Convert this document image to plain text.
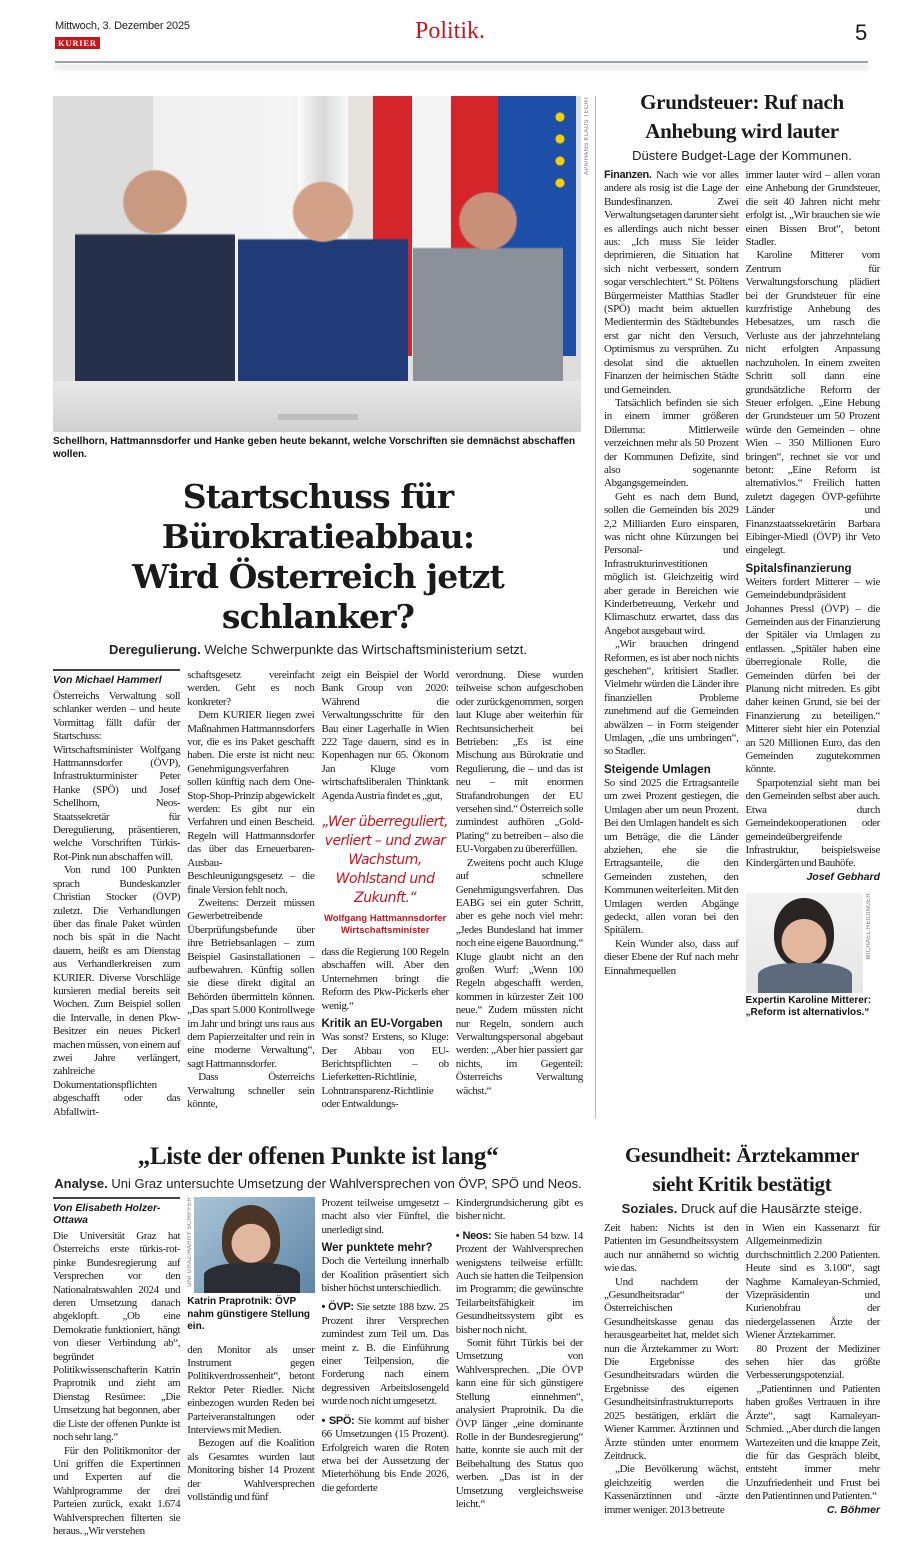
Mittwoch, 3. Dezember 2025
KURIER	Politik.	5
APA/HANS KLAUS TECHT
Schellhorn, Hattmannsdorfer und Hanke geben heute bekannt, welche Vorschriften sie demnächst abschaffen wollen.
Startschuss für Bürokratieabbau:
Wird Österreich jetzt schlanker?
Deregulierung. Welche Schwerpunkte das Wirtschaftsministerium setzt.
Von Michael Hammerl
Österreichs Verwaltung soll schlanker werden – und heute Vormittag fällt dafür der Startschuss: Wirtschaftsminister Wolfgang Hattmannsdorfer (ÖVP), Infrastrukturminister Peter Hanke (SPÖ) und Josef Schellhorn, Neos-Staatssekretär für Deregulierung, präsentieren, welche Vorschriften Türkis-Rot-Pink nun abschaffen will.
Von rund 100 Punkten sprach Bundeskanzler Christian Stocker (ÖVP) zuletzt. Die Verhandlungen über das finale Paket würden noch bis spät in die Nacht dauern, heißt es am Dienstag aus Verhandlerkreisen zum KURIER. Diverse Vorschläge kursieren medial bereits seit Wochen. Zum Beispiel sollen die Intervalle, in denen Pkw-Besitzer ein neues Pickerl machen müssen, von einem auf zwei Jahre verlängert, zahlreiche Dokumentationspflichten abgeschafft oder das Abfallwirt-
schaftsgesetz vereinfacht werden. Geht es noch konkreter?
Dem KURIER liegen zwei Maßnahmen Hattmannsdorfers vor, die es ins Paket geschafft haben. Die erste ist nicht neu: Genehmigungsverfahren sollen künftig nach dem One-Stop-Shop-Prinzip abgewickelt werden: Es gibt nur ein Verfahren und einen Bescheid. Regeln will Hattmannsdorfer das über das Erneuerbaren-Ausbau-Beschleunigungsgesetz – die finale Version fehlt noch.
Zweitens: Derzeit müssen Gewerbetreibende Überprüfungsbefunde über ihre Betriebsanlagen – zum Beispiel Gasinstallationen – aufbewahren. Künftig sollen sie diese direkt digital an Behörden übermitteln können. „Das spart 5.000 Kontrollwege im Jahr und bringt uns raus aus dem Papierzeitalter und rein in eine moderne Verwaltung“, sagt Hattmannsdorfer.
Dass Österreichs Verwaltung schneller sein könnte,
zeigt ein Beispiel der World Bank Group von 2020: Während die Verwaltungsschritte für den Bau einer Lagerhalle in Wien 222 Tage dauern, sind es in Kopenhagen nur 65. Ökonom Jan Kluge vom wirtschaftsliberalen Thinktank Agenda Austria findet es „gut,
„Wer überreguliert, verliert – und zwar Wachstum, Wohlstand und Zukunft.“
Wolfgang Hattmannsdorfer
Wirtschaftsminister
dass die Regierung 100 Regeln abschaffen will. Aber den Unternehmen bringt die Reform des Pkw-Pickerls eher wenig.“
Kritik an EU-Vorgaben
Was sonst? Erstens, so Kluge: Der Abbau von EU-Berichtspflichten – ob Lieferketten-Richtlinie, Lohntransparenz-Richtlinie oder Entwaldungs-
verordnung. Diese wurden teilweise schon aufgeschoben oder zurückgenommen, sorgen laut Kluge aber weiterhin für Rechtsunsicherheit bei Betrieben: „Es ist eine Mischung aus Bürokratie und Regulierung, die – und das ist neu – mit enormen Strafandrohungen der EU versehen sind.“ Österreich solle zumindest aufhören „Gold-Plating“ zu betreiben – also die EU-Vorgaben zu übererfüllen.
Zweitens pocht auch Kluge auf schnellere Genehmigungsverfahren. Das EABG sei ein guter Schritt, aber es gehe noch viel mehr: „Jedes Bundesland hat immer noch eine eigene Bauordnung.“ Kluge glaubt nicht an den großen Wurf: „Wenn 100 Regeln abgeschafft werden, kommen in kürzester Zeit 100 neue.“ Zudem müssten nicht nur Regeln, sondern auch Verwaltungspersonal abgebaut werden: „Aber hier passiert gar nichts, im Gegenteil: Österreichs Verwaltung wächst.“
Grundsteuer: Ruf nach
Anhebung wird lauter
Düstere Budget-Lage der Kommunen.
Finanzen. Nach wie vor alles andere als rosig ist die Lage der Bundesfinanzen. Zwei Verwaltungsetagen darunter sieht es allerdings auch nicht besser aus: „Ich muss Sie leider deprimieren, die Situation hat sich nicht verbessert, sondern sogar verschlechtert.“ St. Pöltens Bürgermeister Matthias Stadler (SPÖ) macht beim aktuellen Medientermin des Städtebundes erst gar nicht den Versuch, Optimismus zu versprühen. Zu desolat sind die aktuellen Finanzen der heimischen Städte und Gemeinden.
Tatsächlich befinden sie sich in einem immer größeren Dilemma: Mittlerweile verzeichnen mehr als 50 Prozent der Kommunen Defizite, sind also sogenannte Abgangsgemeinden.
Geht es nach dem Bund, sollen die Gemeinden bis 2029 2,2 Milliarden Euro einsparen, was nicht ohne Kürzungen bei Personal- und Infrastrukturinvestitionen möglich ist. Gleichzeitig wird aber gerade in Bereichen wie Kinderbetreuung, Verkehr und Klimaschutz erwartet, dass das Angebot ausgebaut wird.
„Wir brauchen dringend Reformen, es ist aber noch nichts geschehen“, kritisiert Stadler. Vielmehr würden die Länder ihre finanziellen Probleme zunehmend auf die Gemeinden abwälzen – in Form steigender Umlagen, „die uns umbringen“, so Stadler.
Steigende Umlagen
So sind 2025 die Ertragsanteile um zwei Prozent gestiegen, die Umlagen aber um neun Prozent. Bei den Umlagen handelt es sich um Beträge, die die Länder abziehen, ehe sie die Ertragsanteile, die den Gemeinden zustehen, den Kommunen weiterleiten. Mit den Umlagen werden Abgänge gedeckt, allen voran bei den Spitälern.
Kein Wunder also, dass auf dieser Ebene der Ruf nach mehr Einnahmequellen
immer lauter wird – allen voran eine Anhebung der Grundsteuer, die seit 40 Jahren nicht mehr erfolgt ist. „Wir brauchen sie wie einen Bissen Brot“, betont Stadler.
Karoline Mitterer vom Zentrum für Verwaltungsforschung plädiert bei der Grundsteuer für eine kurzfristige Anhebung des Hebesatzes, um rasch die Verluste aus der jahrzehntelang nicht erfolgten Anpassung nachzuholen. In einem zweiten Schritt soll dann eine grundsätzliche Reform der Steuer erfolgen. „Eine Hebung der Grundsteuer um 50 Prozent würde den Gemeinden – ohne Wien – 350 Millionen Euro bringen“, rechnet sie vor und betont: „Eine Reform ist alternativlos.“ Freilich hatten zuletzt dagegen ÖVP-geführte Länder und Finanzstaatssekretärin Barbara Eibinger-Miedl (ÖVP) ihr Veto eingelegt.
Spitalsfinanzierung
Weiters fordert Mitterer – wie Gemeindebundpräsident Johannes Pressl (ÖVP) – die Gemeinden aus der Finanzierung der Spitäler via Umlagen zu entlassen. „Spitäler haben eine überregionale Rolle, die Gemeinden dürfen bei der Planung nicht mitreden. Es gibt daher keinen Grund, sie bei der Finanzierung zu beteiligen.“ Mitterer sieht hier ein Potenzial an 520 Millionen Euro, das den Gemeinden zugutekommen könnte.
Sparpotenzial sieht man bei den Gemeinden selbst aber auch. Etwa durch Gemeindekooperationen oder gemeindeübergreifende Infrastruktur, beispielsweise Kindergärten und Bauhöfe.
Josef Gebhard
MICHAEL REIDINGER
Expertin Karoline Mitterer: „Reform ist alternativlos.“
„Liste der offenen Punkte ist lang“
Analyse. Uni Graz untersuchte Umsetzung der Wahlversprechen von ÖVP, SPÖ und Neos.
Von Elisabeth Holzer-Ottawa
Die Universität Graz hat Österreichs erste türkis-rot-pinke Bundesregierung auf Versprechen vor den Nationalratswahlen 2024 und deren Umsetzung danach abgeklopft. „Ob eine Demokratie funktioniert, hängt von dieser Verbindung ab“, begründet Politikwissenschafterin Katrin Praprotnik und zieht am Dienstag Resümee: „Die Umsetzung hat begonnen, aber die Liste der offenen Punkte ist noch sehr lang.“
Für den Politikmonitor der Uni griffen die Expertinnen und Experten auf die Wahlprogramme der drei Parteien zurück, exakt 1.674 Wahlversprechen filterten sie heraus. „Wir verstehen
UNI GRAZ/HARRY SCHIFFER
Katrin Praprotnik: ÖVP nahm günstigere Stellung ein.
den Monitor als unser Instrument gegen Politikverdrossenheit“, betont Rektor Peter Riedler. Nicht einbezogen wurden Reden bei Parteiveranstaltungen oder Interviews mit Medien.
Bezogen auf die Koalition als Gesamtes wurden laut Monitoring bisher 14 Prozent der Wahlversprechen vollständig und fünf
Prozent teilweise umgesetzt – macht also vier Fünftel, die unerledigt sind.
Wer punktete mehr?
Doch die Verteilung innerhalb der Koalition präsentiert sich bisher höchst unterschiedlich.
• ÖVP: Sie setzte 188 bzw. 25 Prozent ihrer Versprechen zumindest zum Teil um. Das meint z. B. die Einführung einer Teilpension, die Forderung nach einem degressiven Arbeitslosengeld wurde noch nicht umgesetzt.
• SPÖ: Sie kommt auf bisher 66 Umsetzungen (15 Prozent). Erfolgreich waren die Roten etwa bei der Aussetzung der Mieterhöhung bis Ende 2026, die geforderte
Kindergrundsicherung gibt es bisher nicht.
• Neos: Sie haben 54 bzw. 14 Prozent der Wahlversprechen wenigstens teilweise erfüllt: Auch sie hatten die Teilpension im Programm; die gewünschte Teilarbeitsfähigkeit im Gesundheitssystem gibt es bisher noch nicht.
Somit führt Türkis bei der Umsetzung von Wahlversprechen. „Die ÖVP kann eine für sich günstigere Stellung einnehmen“, analysiert Praprotnik. Da die ÖVP länger „eine dominante Rolle in der Bundesregierung“ hatte, konnte sie auch mit der Beibehaltung des Status quo werben. „Das ist in der Umsetzung vergleichsweise leicht.“
Gesundheit: Ärztekammer
sieht Kritik bestätigt
Soziales. Druck auf die Hausärzte steige.
Zeit haben: Nichts ist den Patienten im Gesundheitssystem auch nur annähernd so wichtig wie das.
Und nachdem der „Gesundheitsradar“ der Österreichischen Gesundheitskasse genau das herausgearbeitet hat, meldet sich nun die Ärztekammer zu Wort: Die Ergebnisse des Gesundheitsradars würden die Ergebnisse des eigenen Gesundheitsinfrastrukturreports 2025 bestätigen, erklärt die Wiener Kammer. Ärztinnen und Ärzte stünden unter enormem Zeitdruck.
„Die Bevölkerung wächst, gleichzeitig werden die Kassenärztinnen und -ärzte immer weniger. 2013 betreute
in Wien ein Kassenarzt für Allgemeinmedizin durchschnittlich 2.200 Patienten. Heute sind es 3.100“, sagt Naghme Kamaleyan-Schmied, Vizepräsidentin und Kurienobfrau der niedergelassenen Ärzte der Wiener Ärztekammer.
80 Prozent der Mediziner sehen hier das größte Verbesserungspotenzial.
„Patientinnen und Patienten haben großes Vertrauen in ihre Ärzte“, sagt Kamaleyan-Schmied. „Aber durch die langen Wartezeiten und die knappe Zeit, die für das Gespräch bleibt, entsteht immer mehr Unzufriedenheit und Frust bei den Patientinnen und Patienten.“
C. Böhmer
